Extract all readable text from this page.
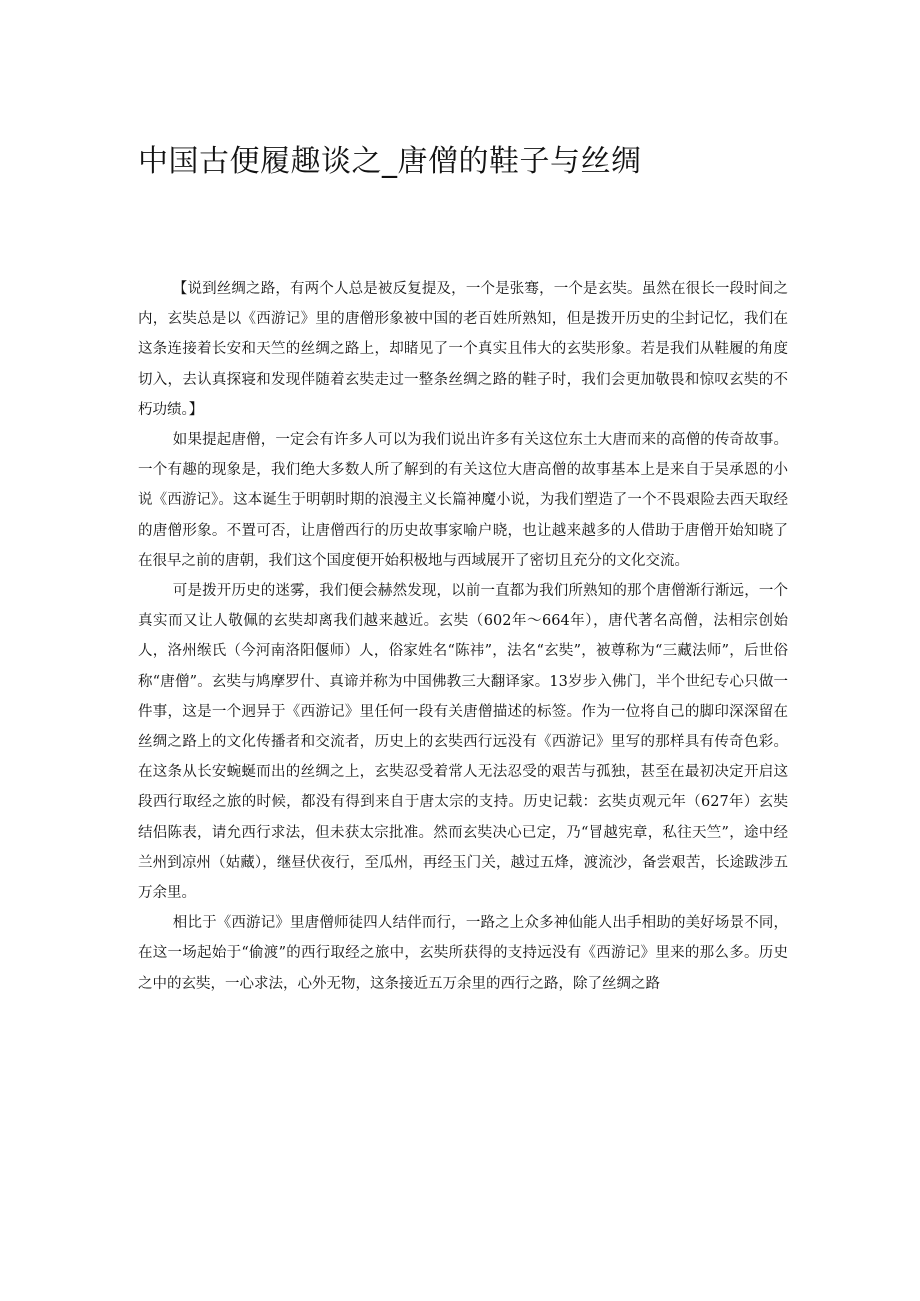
中国古便履趣谈之_唐僧的鞋子与丝绸

【说到丝绸之路，有两个人总是被反复提及，一个是张骞，一个是玄奘。虽然在很长一段时间之内，玄奘总是以《西游记》里的唐僧形象被中国的老百姓所熟知，但是拨开历史的尘封记忆，我们在这条连接着长安和天竺的丝绸之路上，却睹见了一个真实且伟大的玄奘形象。若是我们从鞋履的角度切入，去认真探寝和发现伴随着玄奘走过一整条丝绸之路的鞋子时，我们会更加敬畏和惊叹玄奘的不朽功绩。】

如果提起唐僧，一定会有许多人可以为我们说出许多有关这位东土大唐而来的高僧的传奇故事。一个有趣的现象是，我们绝大多数人所了解到的有关这位大唐高僧的故事基本上是来自于吴承恩的小说《西游记》。这本诞生于明朝时期的浪漫主义长篇神魔小说，为我们塑造了一个不畏艰险去西天取经的唐僧形象。不置可否，让唐僧西行的历史故事家喻户晓，也让越来越多的人借助于唐僧开始知晓了在很早之前的唐朝，我们这个国度便开始积极地与西域展开了密切且充分的文化交流。

可是拨开历史的迷雾，我们便会赫然发现，以前一直都为我们所熟知的那个唐僧渐行渐远，一个真实而又让人敬佩的玄奘却离我们越来越近。玄奘（602年～664年），唐代著名高僧，法相宗创始人，洛州缑氏（今河南洛阳偃师）人，俗家姓名“陈祎”，法名“玄奘”，被尊称为“三藏法师”，后世俗称“唐僧”。玄奘与鸠摩罗什、真谛并称为中国佛教三大翻译家。13岁步入佛门，半个世纪专心只做一件事，这是一个迥异于《西游记》里任何一段有关唐僧描述的标签。作为一位将自己的脚印深深留在丝绸之路上的文化传播者和交流者，历史上的玄奘西行远没有《西游记》里写的那样具有传奇色彩。在这条从长安蜿蜒而出的丝绸之上，玄奘忍受着常人无法忍受的艰苦与孤独，甚至在最初决定开启这段西行取经之旅的时候，都没有得到来自于唐太宗的支持。历史记载：玄奘贞观元年（627年）玄奘结侣陈表，请允西行求法，但未获太宗批准。然而玄奘决心已定，乃“冒越宪章，私往天竺”，途中经兰州到凉州（姑藏），继昼伏夜行，至瓜州，再经玉门关，越过五烽，渡流沙，备尝艰苦，长途跋涉五万余里。

相比于《西游记》里唐僧师徒四人结伴而行，一路之上众多神仙能人出手相助的美好场景不同，在这一场起始于“偷渡”的西行取经之旅中，玄奘所获得的支持远没有《西游记》里来的那么多。历史之中的玄奘，一心求法，心外无物，这条接近五万余里的西行之路，除了丝绸之路
